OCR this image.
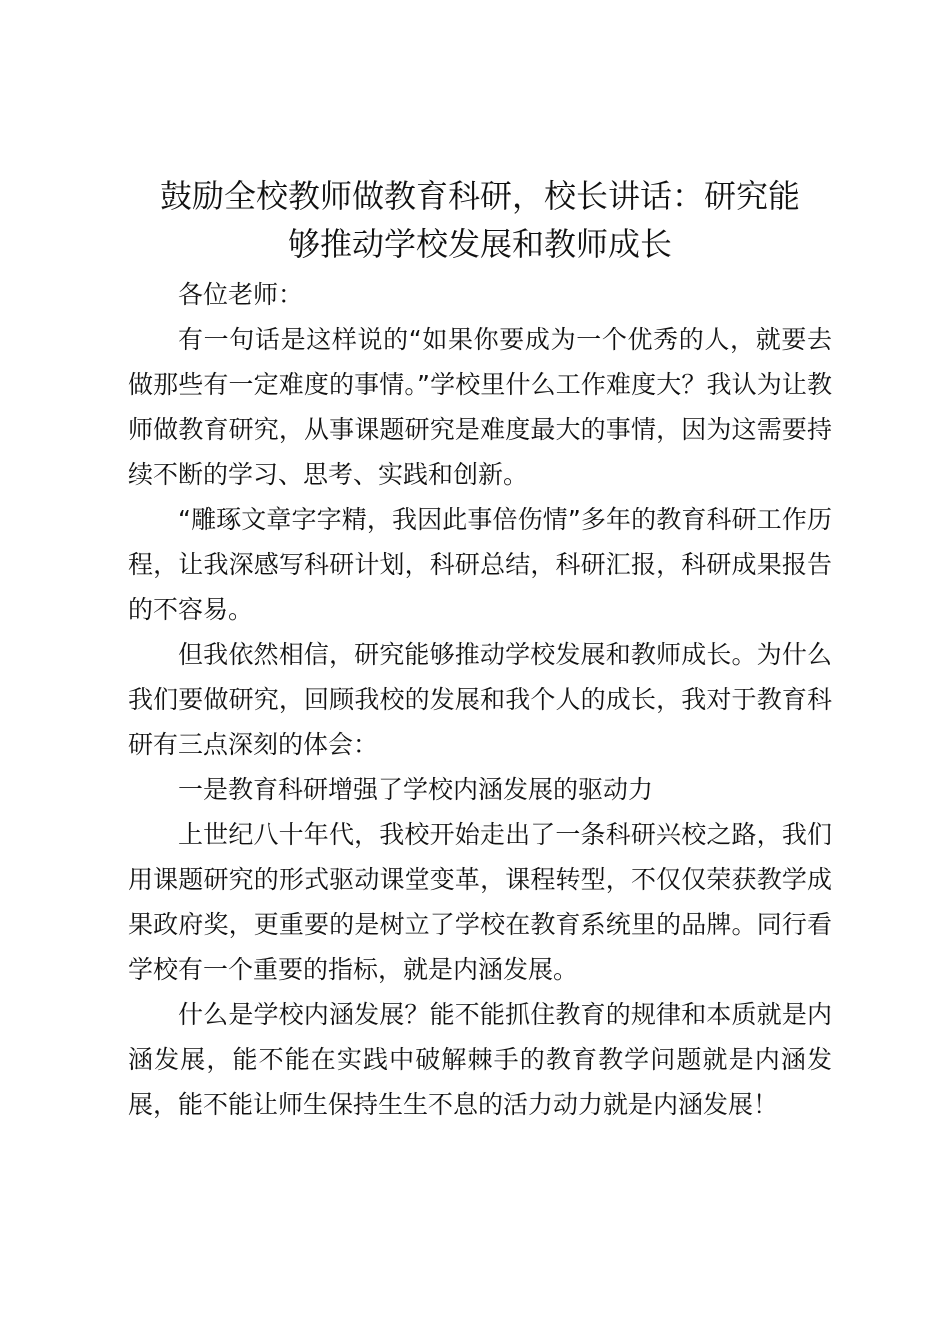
鼓励全校教师做教育科研，校长讲话：研究能
够推动学校发展和教师成长

各位老师：

有一句话是这样说的“如果你要成为一个优秀的人，就要去做那些有一定难度的事情。”学校里什么工作难度大？我认为让教师做教育研究，从事课题研究是难度最大的事情，因为这需要持续不断的学习、思考、实践和创新。

“雕琢文章字字精，我因此事倍伤情”多年的教育科研工作历程，让我深感写科研计划，科研总结，科研汇报，科研成果报告的不容易。

但我依然相信，研究能够推动学校发展和教师成长。为什么我们要做研究，回顾我校的发展和我个人的成长，我对于教育科研有三点深刻的体会：

一是教育科研增强了学校内涵发展的驱动力

上世纪八十年代，我校开始走出了一条科研兴校之路，我们用课题研究的形式驱动课堂变革，课程转型，不仅仅荣获教学成果政府奖，更重要的是树立了学校在教育系统里的品牌。同行看学校有一个重要的指标，就是内涵发展。

什么是学校内涵发展？能不能抓住教育的规律和本质就是内涵发展，能不能在实践中破解棘手的教育教学问题就是内涵发展，能不能让师生保持生生不息的活力动力就是内涵发展！
